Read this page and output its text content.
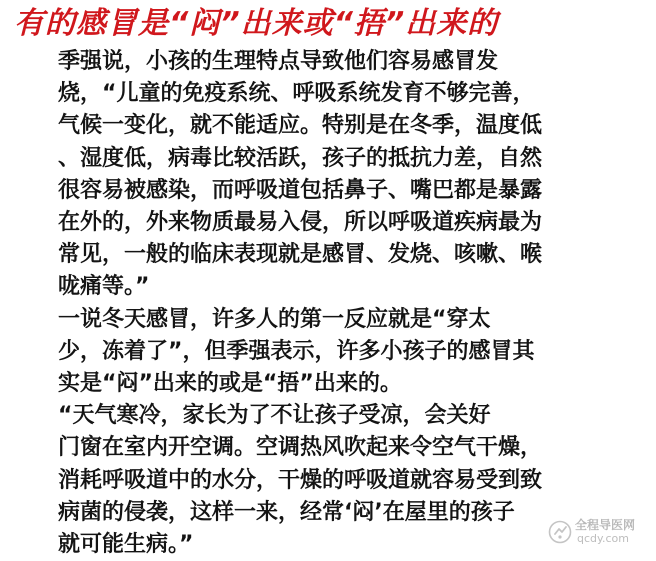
有的感冒是“闷”出来或“捂”出来的

季强说，小孩的生理特点导致他们容易感冒发
烧，“儿童的免疫系统、呼吸系统发育不够完善，
气候一变化，就不能适应。特别是在冬季，温度低
、湿度低，病毒比较活跃，孩子的抵抗力差，自然
很容易被感染，而呼吸道包括鼻子、嘴巴都是暴露
在外的，外来物质最易入侵，所以呼吸道疾病最为
常见，一般的临床表现就是感冒、发烧、咳嗽、喉
咙痛等。”

一说冬天感冒，许多人的第一反应就是“穿太
少，冻着了”，但季强表示，许多小孩子的感冒其
实是“闷”出来的或是“捂”出来的。

“天气寒冷，家长为了不让孩子受凉，会关好
门窗在室内开空调。空调热风吹起来令空气干燥，
消耗呼吸道中的水分，干燥的呼吸道就容易受到致
病菌的侵袭，这样一来，经常‘闷’在屋里的孩子
就可能生病。”

全程导医网
qcdy.com
